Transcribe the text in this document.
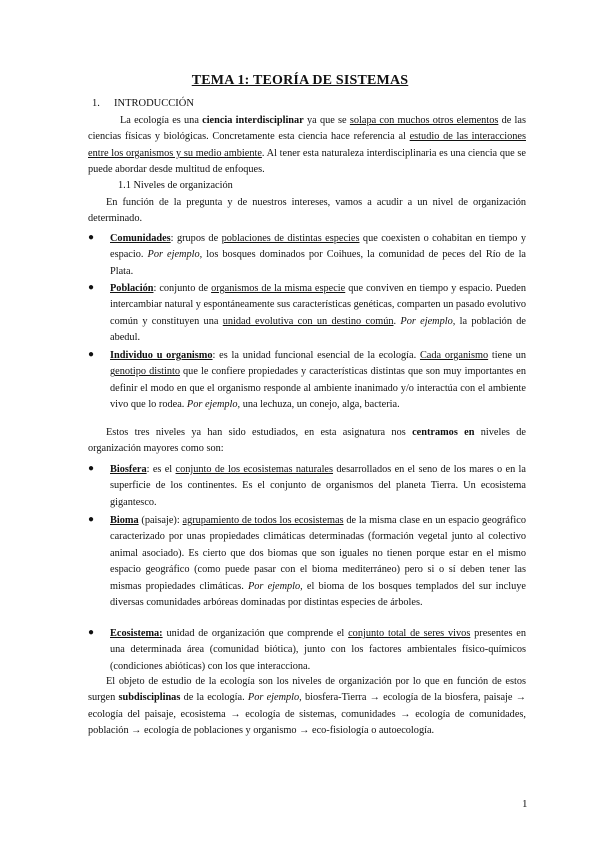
TEMA 1: TEORÍA DE SISTEMAS
1. INTRODUCCIÓN
La ecología es una ciencia interdisciplinar ya que se solapa con muchos otros elementos de las ciencias físicas y biológicas. Concretamente esta ciencia hace referencia al estudio de las interacciones entre los organismos y su medio ambiente. Al tener esta naturaleza interdisciplinaria es una ciencia que se puede abordar desde multitud de enfoques.
1.1 Niveles de organización
En función de la pregunta y de nuestros intereses, vamos a acudir a un nivel de organización determinado.
● Comunidades: grupos de poblaciones de distintas especies que coexisten o cohabitan en tiempo y espacio. Por ejemplo, los bosques dominados por Coihues, la comunidad de peces del Río de la Plata.
● Población: conjunto de organismos de la misma especie que conviven en tiempo y espacio. Pueden intercambiar natural y espontáneamente sus características genéticas, comparten un pasado evolutivo común y constituyen una unidad evolutiva con un destino común. Por ejemplo, la población de abedul.
● Individuo u organismo: es la unidad funcional esencial de la ecología. Cada organismo tiene un genotipo distinto que le confiere propiedades y características distintas que son muy importantes en definir el modo en que el organismo responde al ambiente inanimado y/o interactúa con el ambiente vivo que lo rodea. Por ejemplo, una lechuza, un conejo, alga, bacteria.
Estos tres niveles ya han sido estudiados, en esta asignatura nos centramos en niveles de organización mayores como son:
● Biosfera: es el conjunto de los ecosistemas naturales desarrollados en el seno de los mares o en la superficie de los continentes. Es el conjunto de organismos del planeta Tierra. Un ecosistema gigantesco.
● Bioma (paisaje): agrupamiento de todos los ecosistemas de la misma clase en un espacio geográfico caracterizado por unas propiedades climáticas determinadas (formación vegetal junto al colectivo animal asociado). Es cierto que dos biomas que son iguales no tienen porque estar en el mismo espacio geográfico (como puede pasar con el bioma mediterráneo) pero si o sí deben tener las mismas propiedades climáticas. Por ejemplo, el bioma de los bosques templados del sur incluye diversas comunidades arbóreas dominadas por distintas especies de árboles.
● Ecosistema: unidad de organización que comprende el conjunto total de seres vivos presentes en una determinada área (comunidad biótica), junto con los factores ambientales físico-químicos (condiciones abióticas) con los que interacciona.
El objeto de estudio de la ecología son los niveles de organización por lo que en función de estos surgen subdisciplinas de la ecología. Por ejemplo, biosfera-Tierra → ecología de la biosfera, paisaje → ecología del paisaje, ecosistema → ecología de sistemas, comunidades → ecología de comunidades, población → ecología de poblaciones y organismo → eco-fisiología o autoecología.
1
